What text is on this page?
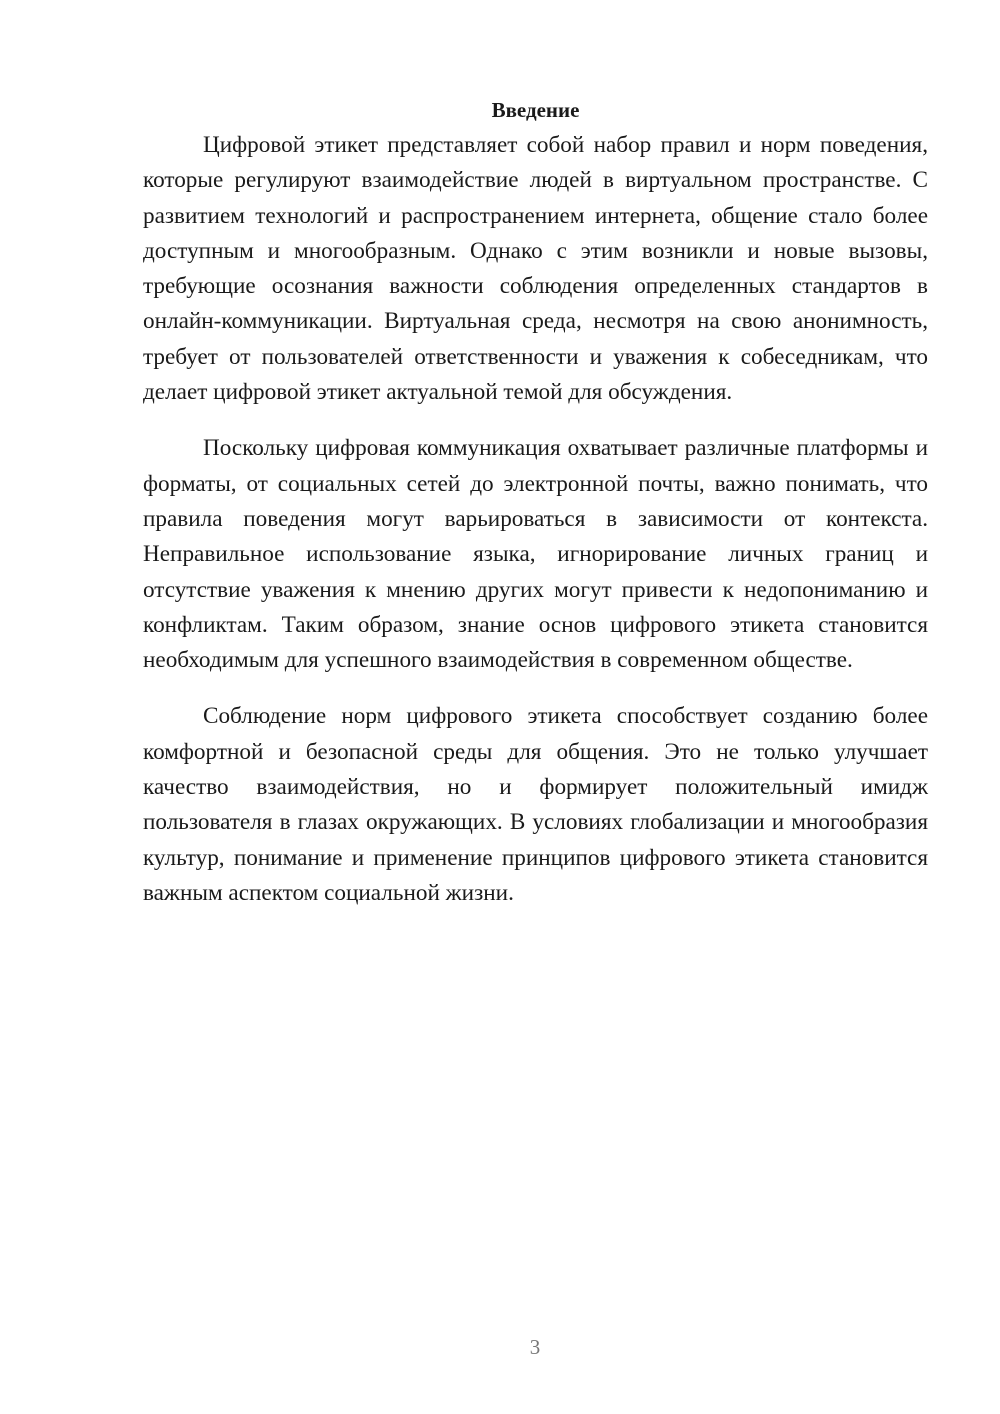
Введение

Цифровой этикет представляет собой набор правил и норм поведения, которые регулируют взаимодействие людей в виртуальном пространстве. С развитием технологий и распространением интернета, общение стало более доступным и многообразным. Однако с этим возникли и новые вызовы, требующие осознания важности соблюдения определенных стандартов в онлайн-коммуникации. Виртуальная среда, несмотря на свою анонимность, требует от пользователей ответственности и уважения к собеседникам, что делает цифровой этикет актуальной темой для обсуждения.

Поскольку цифровая коммуникация охватывает различные платформы и форматы, от социальных сетей до электронной почты, важно понимать, что правила поведения могут варьироваться в зависимости от контекста. Неправильное использование языка, игнорирование личных границ и отсутствие уважения к мнению других могут привести к недопониманию и конфликтам. Таким образом, знание основ цифрового этикета становится необходимым для успешного взаимодействия в современном обществе.

Соблюдение норм цифрового этикета способствует созданию более комфортной и безопасной среды для общения. Это не только улучшает качество взаимодействия, но и формирует положительный имидж пользователя в глазах окружающих. В условиях глобализации и многообразия культур, понимание и применение принципов цифрового этикета становится важным аспектом социальной жизни.

3
